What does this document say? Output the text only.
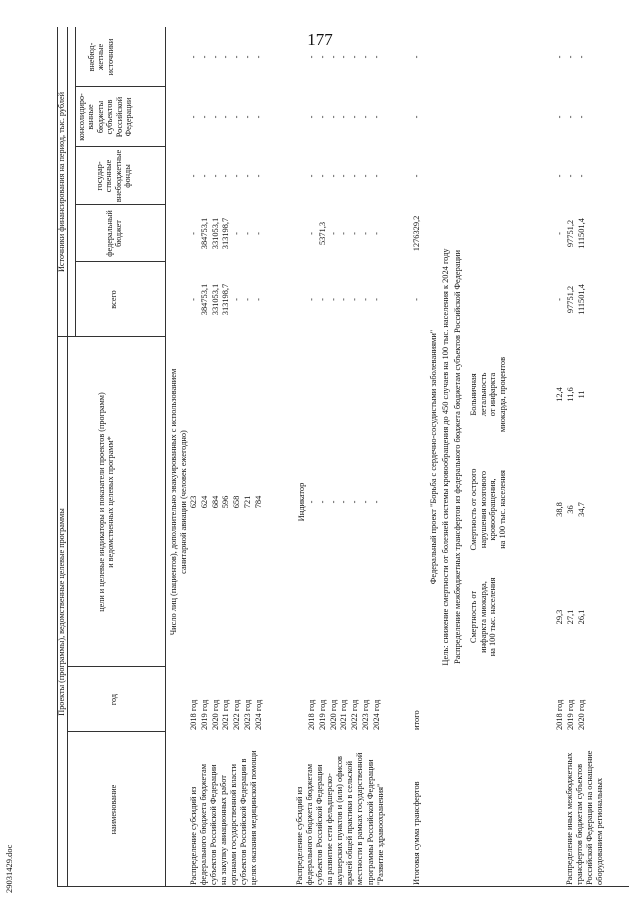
177
29031429.doc
Проекты (программы), ведомственные целевые программы
Источники финансирования на период, тыс. рублей
наименование
год
цели и целевые индикаторы и показатели проектов (программ)
и ведомственных целевых программ*
всего
федеральный
бюджет
государ-
ственные
внебюджетные
фонды
консолидиро-
ванные
бюджеты
субъектов
Российской
Федерации
внебюд-
жетные
источники
Распределение субсидий из
федерального бюджета бюджетам
субъектов Российской Федерации
на закупку авиационных работ
органами государственной власти
субъектов Российской Федерации в
целях оказания медицинской помощи
Число лиц (пациентов), дополнительно эвакуированных с использованием
санитарной авиации (человек ежегодно)
Распределение субсидий из
федерального бюджета бюджетам
субъектов Российской Федерации
на развитие сети фельдшерско-
акушерских пунктов и (или) офисов
врачей общей практики в сельской
местности в рамках государственной
программы Российской Федерации
"Развитие здравоохранения"
Индикатор
Итоговая сумма трансфертов
итого
-
1276329,2
-
-
-
Федеральный проект "Борьба с сердечно-сосудистыми заболеваниями" Цель: снижение смертности от болезней системы кровообращения до 450 случаев на 100 тыс. населения к 2024 году Распределение межбюджетных трансфертов из федерального бюджета бюджетам субъектов Российской Федерации
Распределение иных межбюджетных
трансфертов бюджетам субъектов
Российской Федерации на оснащение
оборудованием региональных
Смертность от
инфаркта миокарда,
на 100 тыс. населения
Смертность от острого
нарушения мозгового
кровообращения,
на 100 тыс. населения
Больничная
летальность
от инфаркта
миокарда, процентов
2018 год
623
-
-
-
-
-
2019 год
624
384753,1
384753,1
-
-
-
2020 год
684
331053,1
331053,1
-
-
-
2021 год
596
313198,7
313198,7
-
-
-
2022 год
658
-
-
-
-
-
2023 год
721
-
-
-
-
-
2024 год
784
-
-
-
-
-
2018 год
-
-
-
-
-
-
2019 год
-
-
5371,3
-
-
-
2020 год
-
-
-
-
-
-
2021 год
-
-
-
-
-
-
2022 год
-
-
-
-
-
-
2023 год
-
-
-
-
-
-
2024 год
-
-
-
-
-
-
2018 год
29,3
38,8
12,4
-
-
-
-
-
2019 год
27,1
36
11,6
97751,2
97751,2
-
-
-
2020 год
26,1
34,7
11
111501,4
111501,4
-
-
-
